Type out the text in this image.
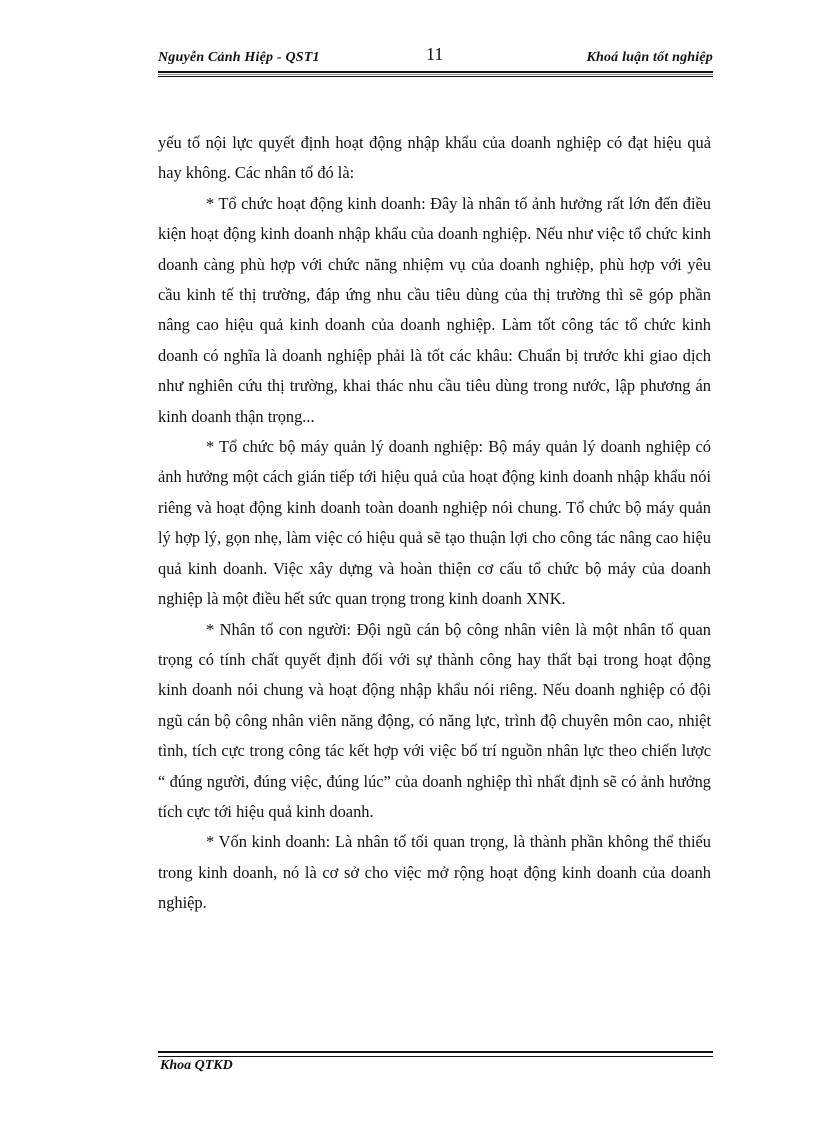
Nguyễn Cảnh Hiệp - QST1	11	Khoá luận tốt nghiệp

yếu tố nội lực quyết định hoạt động nhập khẩu của doanh nghiệp có đạt hiệu quả hay không. Các nhân tố đó là:

* Tổ chức hoạt động kinh doanh: Đây là nhân tố ảnh hưởng rất lớn đến điều kiện hoạt động kinh doanh nhập khẩu của doanh nghiệp. Nếu như việc tổ chức kinh doanh càng phù hợp với chức năng nhiệm vụ của doanh nghiệp, phù hợp với yêu cầu kinh tế thị trường, đáp ứng nhu cầu tiêu dùng của thị trường thì sẽ góp phần nâng cao hiệu quả kinh doanh của doanh nghiệp. Làm tốt công tác tổ chức kinh doanh có nghĩa là doanh nghiệp phải là tốt các khâu: Chuẩn bị trước khi giao dịch như nghiên cứu thị trường, khai thác nhu cầu tiêu dùng trong nước, lập phương án kinh doanh thận trọng...

* Tổ chức bộ máy quản lý doanh nghiệp: Bộ máy quản lý doanh nghiệp có ảnh hưởng một cách gián tiếp tới hiệu quả của hoạt động kinh doanh nhập khẩu nói riêng và hoạt động kinh doanh toàn doanh nghiệp nói chung. Tổ chức bộ máy quản lý hợp lý, gọn nhẹ, làm việc có hiệu quả sẽ tạo thuận lợi cho công tác nâng cao hiệu quả kinh doanh. Việc xây dựng và hoàn thiện cơ cấu tổ chức bộ máy của doanh nghiệp là một điều hết sức quan trọng trong kinh doanh XNK.

* Nhân tố con người: Đội ngũ cán bộ công nhân viên là một nhân tố quan trọng có tính chất quyết định đối với sự thành công hay thất bại trong hoạt động kinh doanh nói chung và hoạt động nhập khẩu nói riêng. Nếu doanh nghiệp có đội ngũ cán bộ công nhân viên năng động, có năng lực, trình độ chuyên môn cao, nhiệt tình, tích cực trong công tác kết hợp với việc bố trí nguồn nhân lực theo chiến lược “ đúng người, đúng việc, đúng lúc” của doanh nghiệp thì nhất định sẽ có ảnh hưởng tích cực tới hiệu quả kinh doanh.

* Vốn kinh doanh: Là nhân tố tối quan trọng, là thành phần không thể thiếu trong kinh doanh, nó là cơ sở cho việc mở rộng hoạt động kinh doanh của doanh nghiệp.

Khoa QTKD
